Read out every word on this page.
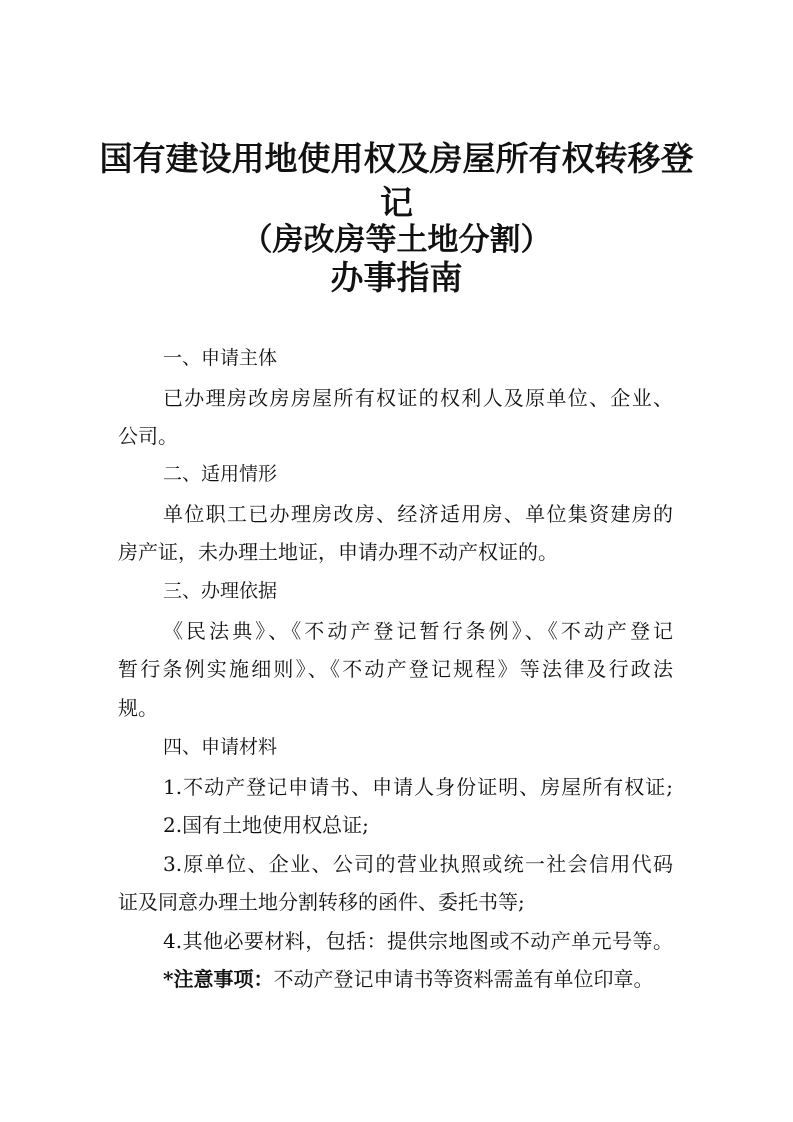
国有建设用地使用权及房屋所有权转移登
记
（房改房等土地分割）
办事指南
一、申请主体
已办理房改房房屋所有权证的权利人及原单位、企业、
公司。
二、适用情形
单位职工已办理房改房、经济适用房、单位集资建房的
房产证，未办理土地证，申请办理不动产权证的。
三、办理依据
《民法典》、《不动产登记暂行条例》、《不动产登记
暂行条例实施细则》、《不动产登记规程》等法律及行政法
规。
四、申请材料
1.不动产登记申请书、申请人身份证明、房屋所有权证;
2.国有土地使用权总证;
3.原单位、企业、公司的营业执照或统一社会信用代码
证及同意办理土地分割转移的函件、委托书等;
4.其他必要材料，包括：提供宗地图或不动产单元号等。
*注意事项：不动产登记申请书等资料需盖有单位印章。
